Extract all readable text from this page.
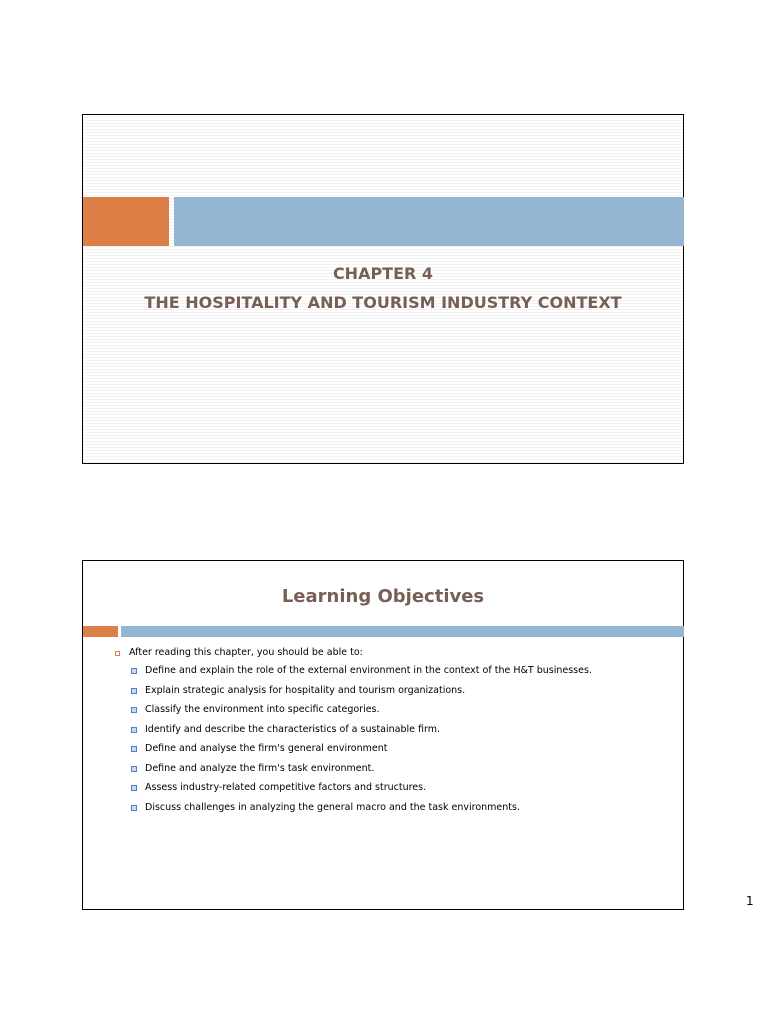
CHAPTER 4
THE HOSPITALITY AND TOURISM INDUSTRY CONTEXT
Learning Objectives
After reading this chapter, you should be able to:
Define and explain the role of the external environment in the context of the H&T businesses.
Explain strategic analysis for hospitality and tourism organizations.
Classify the environment into specific categories.
Identify and describe the characteristics of a sustainable firm.
Define and analyse the firm's general environment
Define and analyze the firm's task environment.
Assess industry-related competitive factors and structures.
Discuss challenges in analyzing the general macro and the task environments.
1
